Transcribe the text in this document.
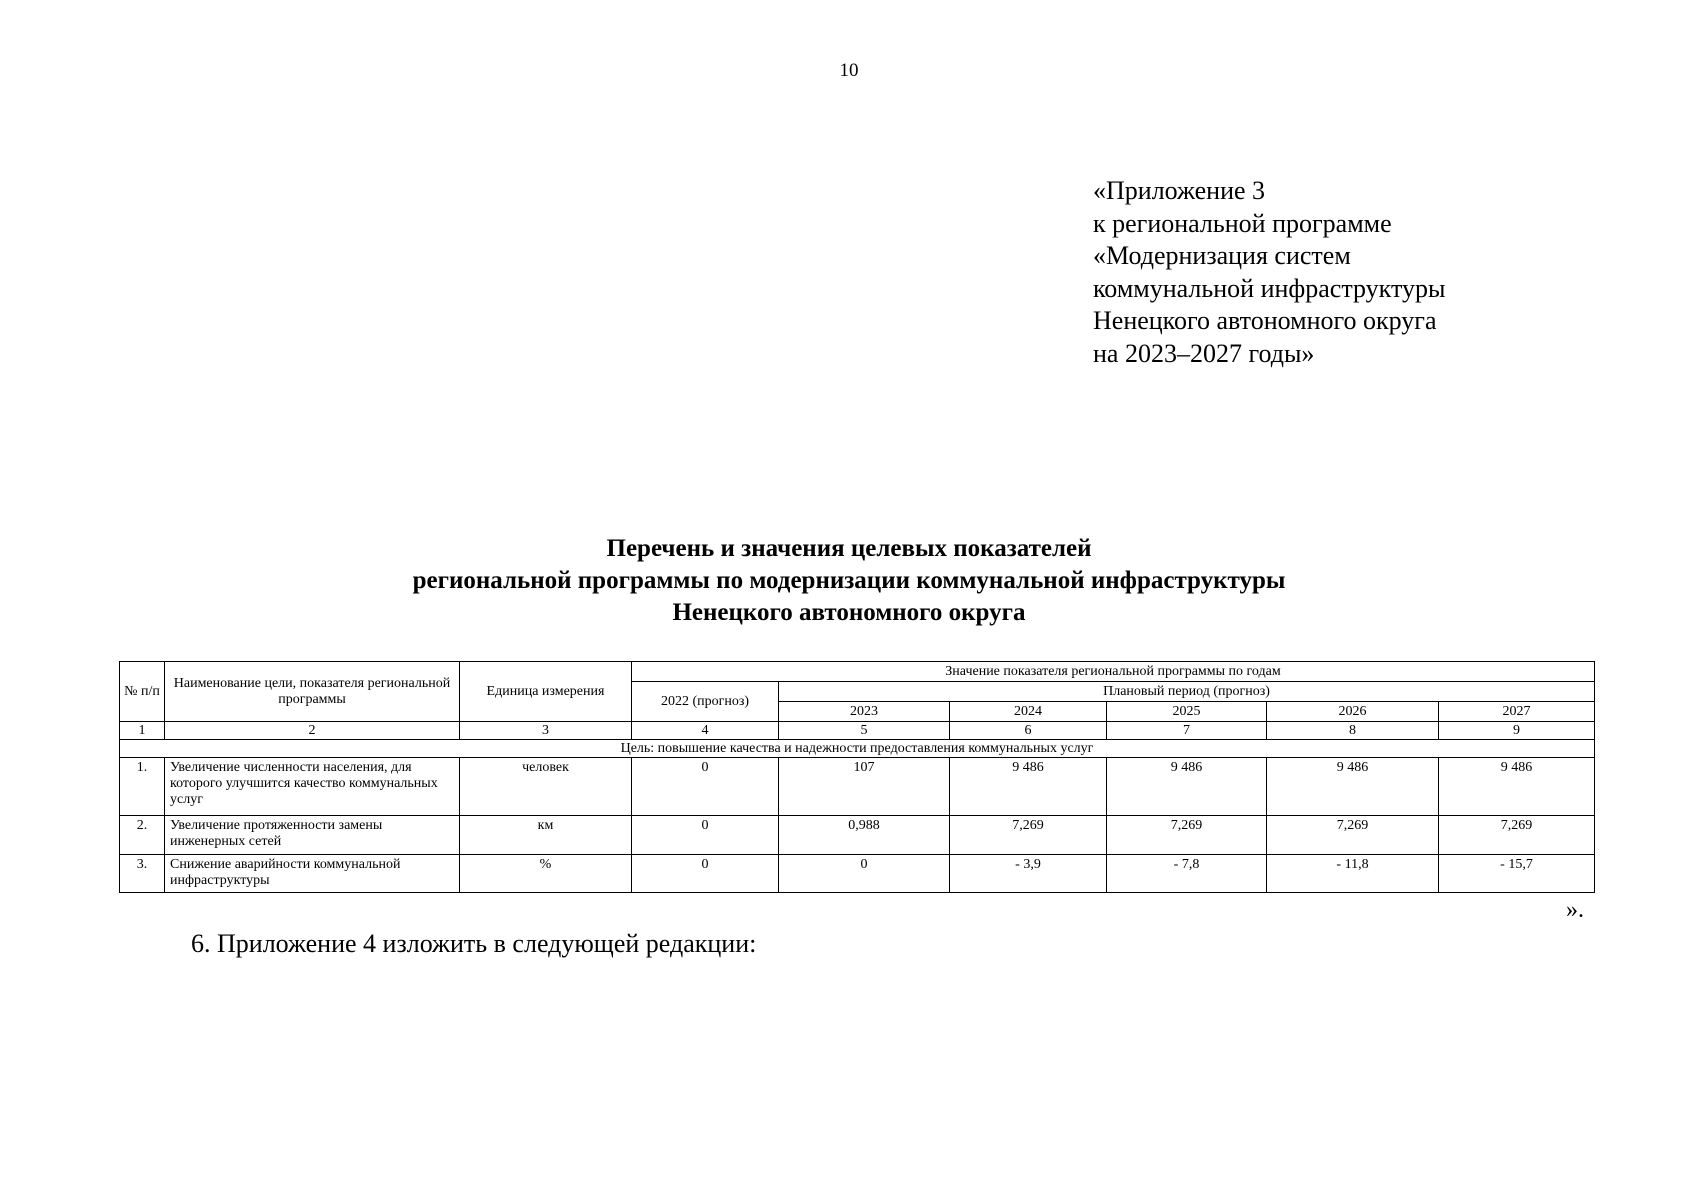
10
«Приложение 3
к региональной программе
«Модернизация систем
коммунальной инфраструктуры
Ненецкого автономного округа
на 2023–2027 годы»
Перечень и значения целевых показателей
региональной программы по модернизации коммунальной инфраструктуры
Ненецкого автономного округа
№ п/п	Наименование цели, показателя региональной программы	Единица измерения	Значение показателя региональной программы по годам					
			2022 (прогноз)	Плановый период (прогноз)				
				2023	2024	2025	2026	2027
1	2	3	4	5	6	7	8	9
Цель: повышение качества и надежности предоставления коммунальных услуг								
1.	Увеличение численности населения, для которого улучшится качество коммунальных услуг	человек	0	107	9 486	9 486	9 486	9 486
2.	Увеличение протяженности замены инженерных сетей	км	0	0,988	7,269	7,269	7,269	7,269
3.	Снижение аварийности коммунальной инфраструктуры	%	0	0	- 3,9	- 7,8	- 11,8	- 15,7
».

6. Приложение 4 изложить в следующей редакции:
